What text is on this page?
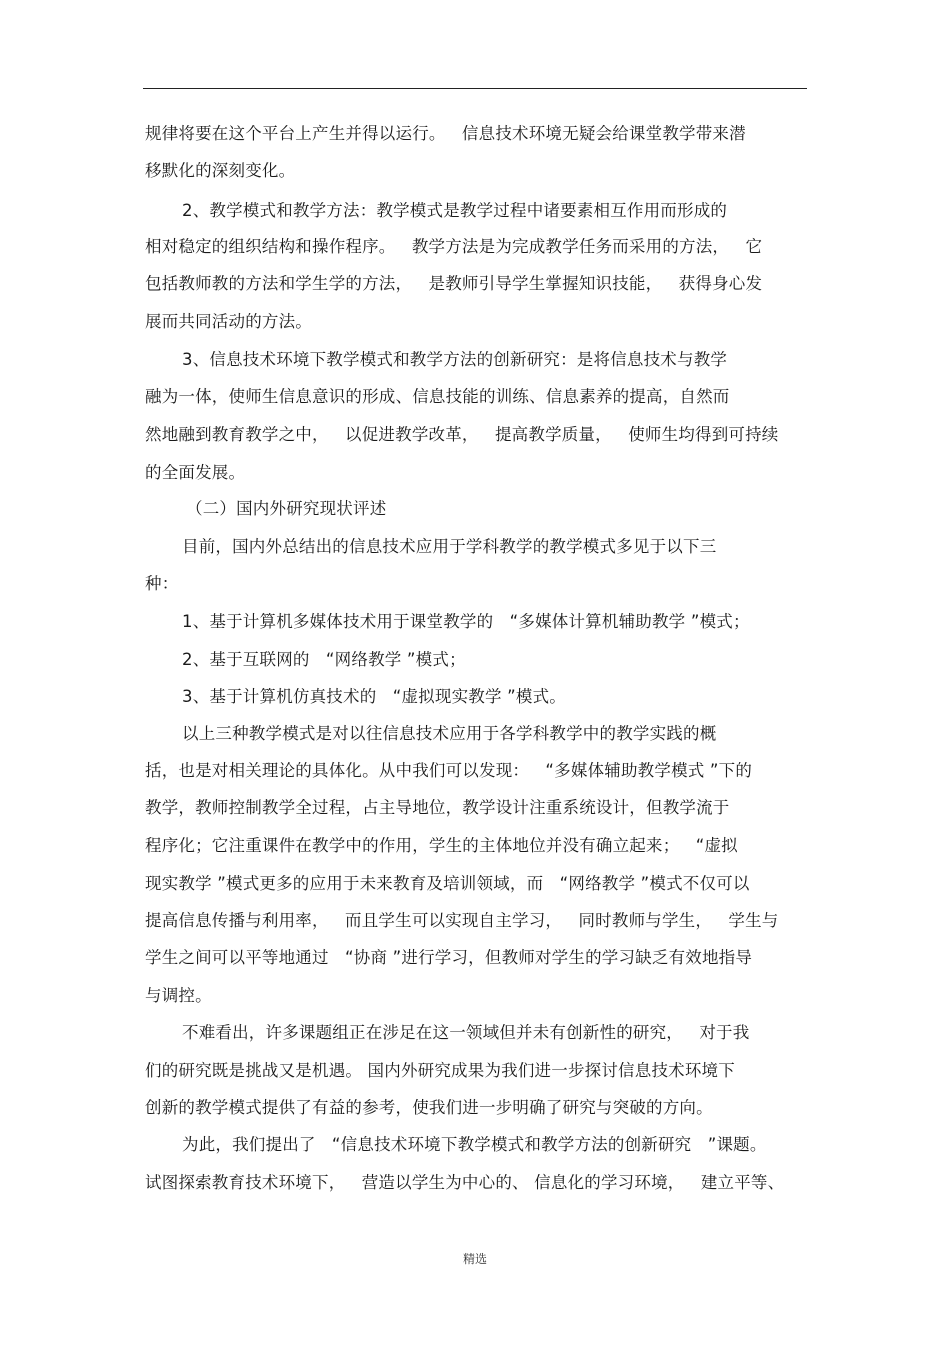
规律将要在这个平台上产生并得以运行。   信息技术环境无疑会给课堂教学带来潜
移默化的深刻变化。
2、教学模式和教学方法：教学模式是教学过程中诸要素相互作用而形成的
相对稳定的组织结构和操作程序。   教学方法是为完成教学任务而采用的方法，   它
包括教师教的方法和学生学的方法，   是教师引导学生掌握知识技能，   获得身心发
展而共同活动的方法。
3、信息技术环境下教学模式和教学方法的创新研究：是将信息技术与教学
融为一体，使师生信息意识的形成、信息技能的训练、信息素养的提高，自然而
然地融到教育教学之中，   以促进教学改革，   提高教学质量，   使师生均得到可持续
的全面发展。
（二）国内外研究现状评述
目前，国内外总结出的信息技术应用于学科教学的教学模式多见于以下三
种：
1、基于计算机多媒体技术用于课堂教学的   “多媒体计算机辅助教学 ”模式；
2、基于互联网的   “网络教学 ”模式；
3、基于计算机仿真技术的   “虚拟现实教学 ”模式。
以上三种教学模式是对以往信息技术应用于各学科教学中的教学实践的概
括，也是对相关理论的具体化。从中我们可以发现：   “多媒体辅助教学模式 ”下的
教学，教师控制教学全过程，占主导地位，教学设计注重系统设计，但教学流于
程序化；它注重课件在教学中的作用，学生的主体地位并没有确立起来；   “虚拟
现实教学 ”模式更多的应用于未来教育及培训领域，而   “网络教学 ”模式不仅可以
提高信息传播与利用率，   而且学生可以实现自主学习，   同时教师与学生，   学生与
学生之间可以平等地通过   “协商 ”进行学习，但教师对学生的学习缺乏有效地指导
与调控。
不难看出，许多课题组正在涉足在这一领域但并未有创新性的研究，   对于我
们的研究既是挑战又是机遇。 国内外研究成果为我们进一步探讨信息技术环境下
创新的教学模式提供了有益的参考，使我们进一步明确了研究与突破的方向。
为此，我们提出了   “信息技术环境下教学模式和教学方法的创新研究   ”课题。
试图探索教育技术环境下，   营造以学生为中心的、 信息化的学习环境，   建立平等、
精选
